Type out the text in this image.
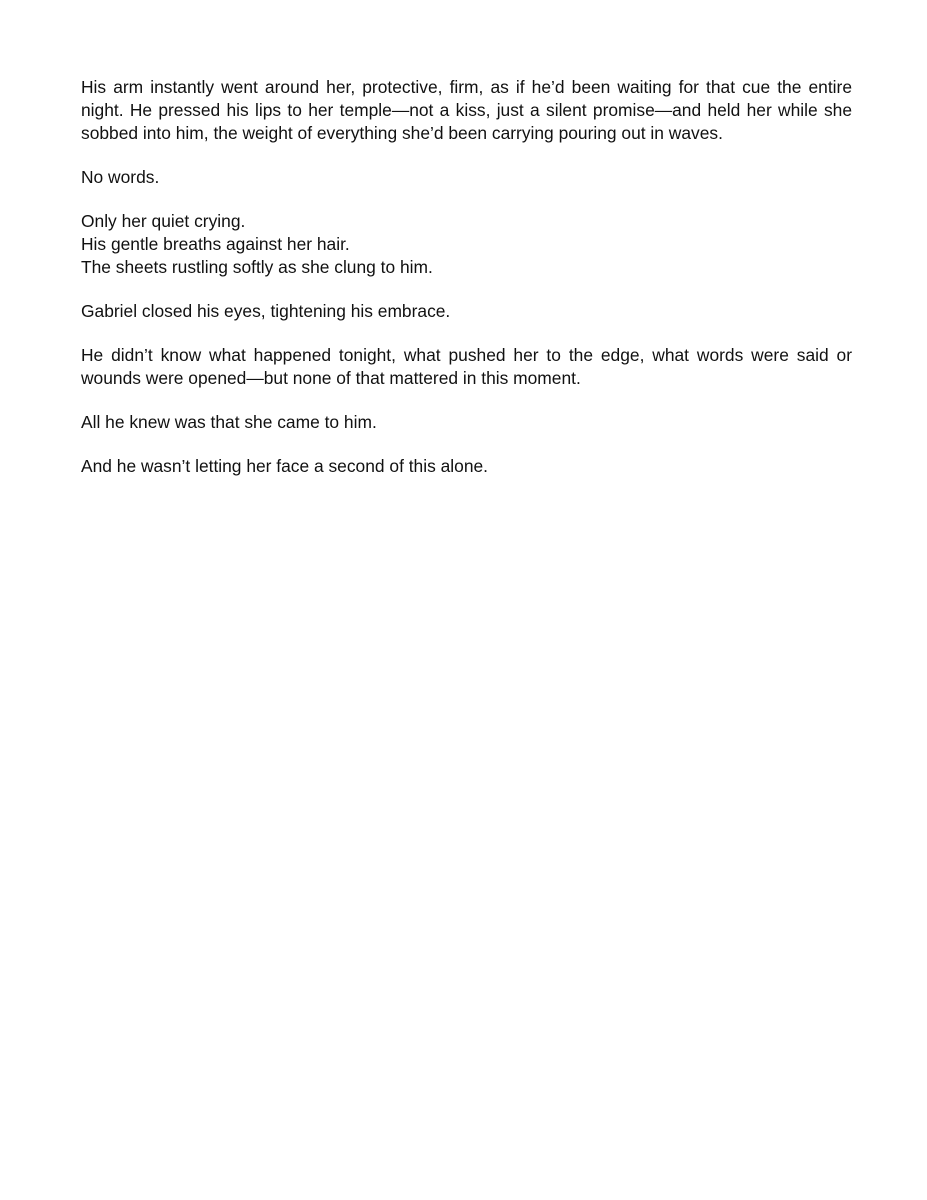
His arm instantly went around her, protective, firm, as if he’d been waiting for that cue the entire night. He pressed his lips to her temple—not a kiss, just a silent promise—and held her while she sobbed into him, the weight of everything she’d been carrying pouring out in waves.

No words.

Only her quiet crying.
His gentle breaths against her hair.
The sheets rustling softly as she clung to him.

Gabriel closed his eyes, tightening his embrace.

He didn’t know what happened tonight, what pushed her to the edge, what words were said or wounds were opened—but none of that mattered in this moment.

All he knew was that she came to him.

And he wasn’t letting her face a second of this alone.
